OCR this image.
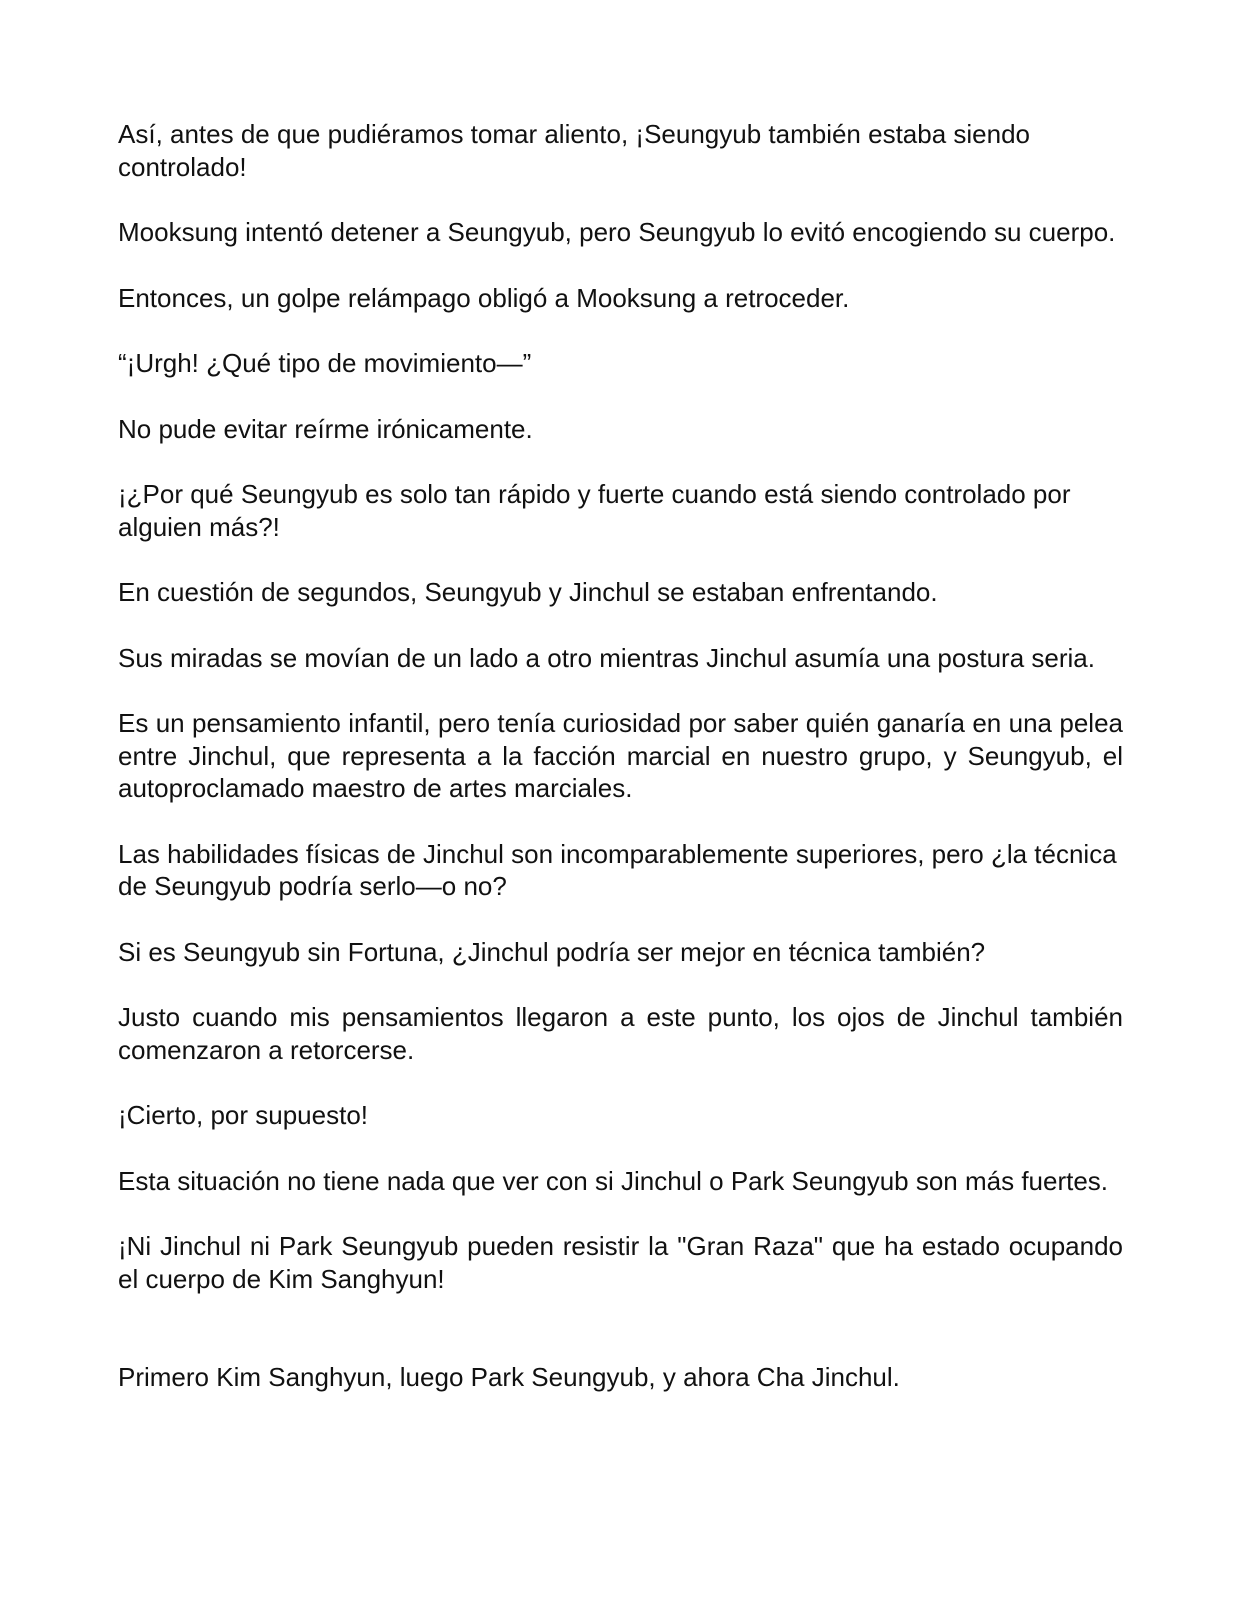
Así, antes de que pudiéramos tomar aliento, ¡Seungyub también estaba siendo controlado!

Mooksung intentó detener a Seungyub, pero Seungyub lo evitó encogiendo su cuerpo.

Entonces, un golpe relámpago obligó a Mooksung a retroceder.

“¡Urgh! ¿Qué tipo de movimiento—”

No pude evitar reírme irónicamente.

¡¿Por qué Seungyub es solo tan rápido y fuerte cuando está siendo controlado por alguien más?!

En cuestión de segundos, Seungyub y Jinchul se estaban enfrentando.

Sus miradas se movían de un lado a otro mientras Jinchul asumía una postura seria.

Es un pensamiento infantil, pero tenía curiosidad por saber quién ganaría en una pelea entre Jinchul, que representa a la facción marcial en nuestro grupo, y Seungyub, el autoproclamado maestro de artes marciales.

Las habilidades físicas de Jinchul son incomparablemente superiores, pero ¿la técnica de Seungyub podría serlo—o no?

Si es Seungyub sin Fortuna, ¿Jinchul podría ser mejor en técnica también?

Justo cuando mis pensamientos llegaron a este punto, los ojos de Jinchul también comenzaron a retorcerse.

¡Cierto, por supuesto!

Esta situación no tiene nada que ver con si Jinchul o Park Seungyub son más fuertes.

¡Ni Jinchul ni Park Seungyub pueden resistir la "Gran Raza" que ha estado ocupando el cuerpo de Kim Sanghyun!

Primero Kim Sanghyun, luego Park Seungyub, y ahora Cha Jinchul.
